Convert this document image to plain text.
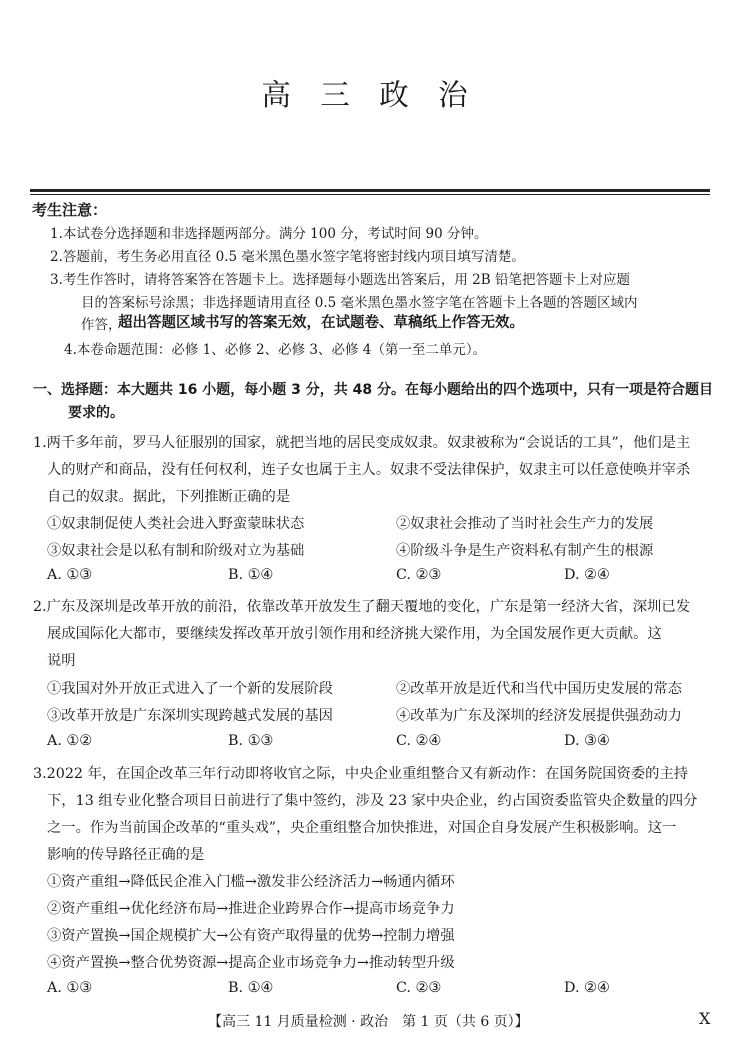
高 三 政 治
考生注意：
1.本试卷分选择题和非选择题两部分。满分 100 分，考试时间 90 分钟。
2.答题前，考生务必用直径 0.5 毫米黑色墨水签字笔将密封线内项目填写清楚。
3.考生作答时，请将答案答在答题卡上。选择题每小题选出答案后，用 2B 铅笔把答题卡上对应题
目的答案标号涂黑；非选择题请用直径 0.5 毫米黑色墨水签字笔在答题卡上各题的答题区域内
作答，
超出答题区域书写的答案无效，在试题卷、草稿纸上作答无效。
4.本卷命题范围：必修 1、必修 2、必修 3、必修 4（第一至二单元）。
一、选择题：本大题共 16 小题，每小题 3 分，共 48 分。在每小题给出的四个选项中，只有一项是符合题目
要求的。
1.两千多年前，罗马人征服别的国家，就把当地的居民变成奴隶。奴隶被称为“会说话的工具”，他们是主
人的财产和商品，没有任何权利，连子女也属于主人。奴隶不受法律保护，奴隶主可以任意使唤并宰杀
自己的奴隶。据此，下列推断正确的是
①奴隶制促使人类社会进入野蛮蒙昧状态	②奴隶社会推动了当时社会生产力的发展
③奴隶社会是以私有制和阶级对立为基础	④阶级斗争是生产资料私有制产生的根源
A. ①③	B. ①④	C. ②③	D. ②④
2.广东及深圳是改革开放的前沿，依靠改革开放发生了翻天覆地的变化，广东是第一经济大省，深圳已发
展成国际化大都市，要继续发挥改革开放引领作用和经济挑大梁作用，为全国发展作更大贡献。这
说明
①我国对外开放正式进入了一个新的发展阶段	②改革开放是近代和当代中国历史发展的常态
③改革开放是广东深圳实现跨越式发展的基因	④改革为广东及深圳的经济发展提供强劲动力
A. ①②	B. ①③	C. ②④	D. ③④
3.2022 年，在国企改革三年行动即将收官之际，中央企业重组整合又有新动作：在国务院国资委的主持
下，13 组专业化整合项目日前进行了集中签约，涉及 23 家中央企业，约占国资委监管央企数量的四分
之一。作为当前国企改革的“重头戏”，央企重组整合加快推进，对国企自身发展产生积极影响。这一
影响的传导路径正确的是
①资产重组→降低民企准入门槛→激发非公经济活力→畅通内循环
②资产重组→优化经济布局→推进企业跨界合作→提高市场竞争力
③资产置换→国企规模扩大→公有资产取得量的优势→控制力增强
④资产置换→整合优势资源→提高企业市场竞争力→推动转型升级
A. ①③	B. ①④	C. ②③	D. ②④
【高三 11 月质量检测 · 政治　第 1 页（共 6 页）】	X
